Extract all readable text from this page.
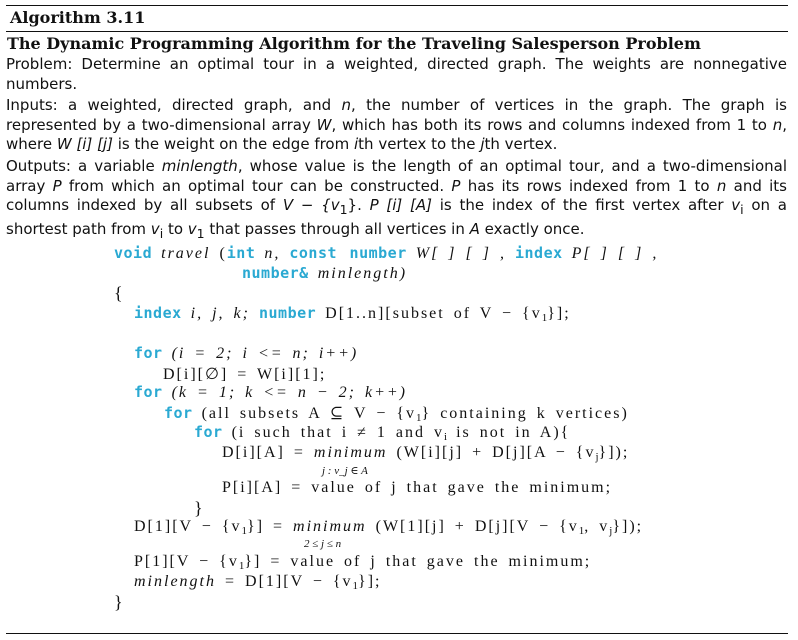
Algorithm 3.11
The Dynamic Programming Algorithm for the Traveling Salesperson Problem
Problem: Determine an optimal tour in a weighted, directed graph. The weights are nonnegative numbers.
Inputs: a weighted, directed graph, and n, the number of vertices in the graph. The graph is represented by a two-dimensional array W, which has both its rows and columns indexed from 1 to n, where W [i] [j] is the weight on the edge from ith vertex to the jth vertex.
Outputs: a variable minlength, whose value is the length of an optimal tour, and a two-dimensional array P from which an optimal tour can be constructed. P has its rows indexed from 1 to n and its columns indexed by all subsets of $V - \{v_1\}$. P [i] [A] is the index of the first vertex after $v_i$ on a shortest path from $v_i$ to $v_1$ that passes through all vertices in A exactly once.
void travel (int n, const number W[ ] [ ] , index P[ ] [ ] ,
number& minlength)
{
index i, j, k; number D[1..n][subset of $V - \{v_1\}$];
for (i = 2; i <= n; i++)
D[i][∅] = W[i][1];
for (k = 1; k <= n − 2; k++)
for (all subsets A ⊆ $V - \{v_1\}$ containing k vertices)
for (i such that i ≠ 1 and $v_i$ is not in A){
D[i][A] = minimum $(W[i][j] + D[j][A - \{v_j\}])$;
j : v_j ∈ A
P[i][A] = value of j that gave the minimum;
}
$D[1][V - \{v_1\}]$ = minimum ($W[1][j] + D[j][V - \{v_1$, $v_j$}]);
2 ≤ j ≤ n
$P[1][V - \{v_1\}]$ = value of j that gave the minimum;
minlength = $D[1][V - \{v_1\}]$;
}
